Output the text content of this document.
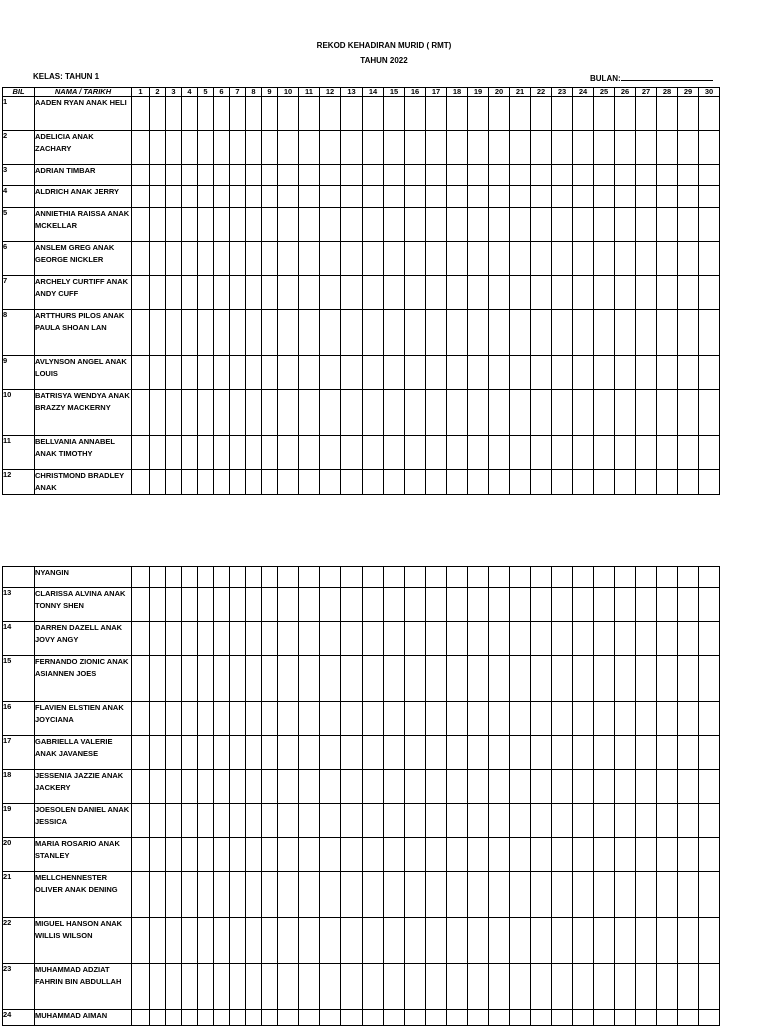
REKOD KEHADIRAN MURID ( RMT)
TAHUN 2022
KELAS: TAHUN 1	BULAN:
BIL	NAMA / TARIKH	1	2	3	4	5	6	7	8	9	10	11	12	13	14	15	16	17	18	19	20	21	22	23	24	25	26	27	28	29	30	
1	AADEN RYAN ANAK HELI																															
2	ADELICIA ANAK ZACHARY																															
3	ADRIAN TIMBAR																															
4	ALDRICH ANAK JERRY																															
5	ANNIETHIA RAISSA ANAK MCKELLAR																															
6	ANSLEM GREG ANAK GEORGE NICKLER																															
7	ARCHELY CURTIFF ANAK ANDY CUFF																															
8	ARTTHURS PILOS ANAK PAULA SHOAN LAN																															
9	AVLYNSON ANGEL ANAK LOUIS																															
10	BATRISYA WENDYA ANAK BRAZZY MACKERNY																															
11	BELLVANIA ANNABEL ANAK TIMOTHY																															
12	CHRISTMOND BRADLEY ANAK																															
	NYANGIN																															
13	CLARISSA ALVINA ANAK TONNY SHEN																															
14	DARREN DAZELL ANAK JOVY ANGY																															
15	FERNANDO ZIONIC ANAK ASIANNEN JOES																															
16	FLAVIEN ELSTIEN ANAK JOYCIANA																															
17	GABRIELLA VALERIE ANAK JAVANESE																															
18	JESSENIA JAZZIE ANAK JACKERY																															
19	JOESOLEN DANIEL ANAK JESSICA																															
20	MARIA ROSARIO ANAK STANLEY																															
21	MELLCHENNESTER OLIVER ANAK DENING																															
22	MIGUEL HANSON ANAK WILLIS WILSON																															
23	MUHAMMAD ADZIAT FAHRIN BIN ABDULLAH																															
24	MUHAMMAD AIMAN																															
